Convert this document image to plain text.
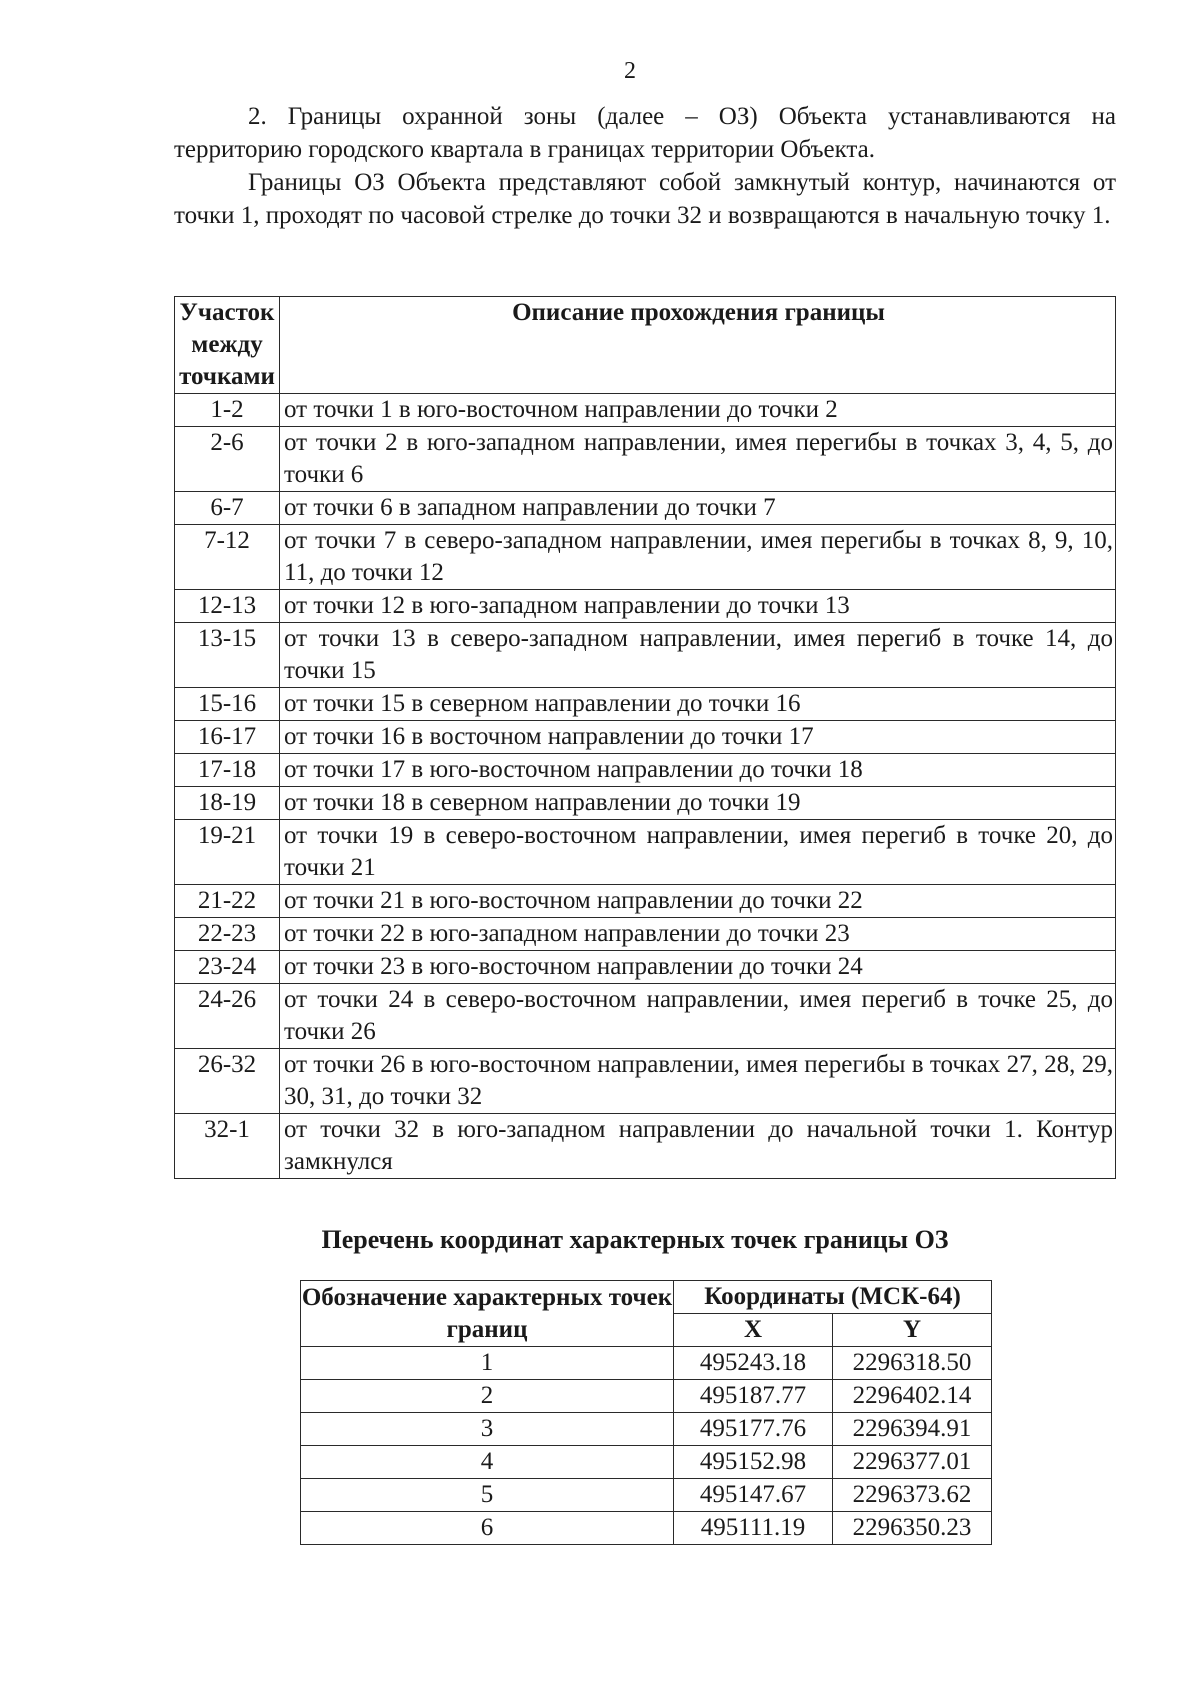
2

2. Границы охранной зоны (далее – ОЗ) Объекта устанавливаются на территорию городского квартала в границах территории Объекта.

Границы ОЗ Объекта представляют собой замкнутый контур, начинаются от точки 1, проходят по часовой стрелке до точки 32 и возвращаются в начальную точку 1.

Участок между точками	Описание прохождения границы
1-2	от точки 1 в юго-восточном направлении до точки 2
2-6	от точки 2 в юго-западном направлении, имея перегибы в точках 3, 4, 5, до точки 6
6-7	от точки 6 в западном направлении до точки 7
7-12	от точки 7 в северо-западном направлении, имея перегибы в точках 8, 9, 10, 11, до точки 12
12-13	от точки 12 в юго-западном направлении до точки 13
13-15	от точки 13 в северо-западном направлении, имея перегиб в точке 14, до точки 15
15-16	от точки 15 в северном направлении до точки 16
16-17	от точки 16 в восточном направлении до точки 17
17-18	от точки 17 в юго-восточном направлении до точки 18
18-19	от точки 18 в северном направлении до точки 19
19-21	от точки 19 в северо-восточном направлении, имея перегиб в точке 20, до точки 21
21-22	от точки 21 в юго-восточном направлении до точки 22
22-23	от точки 22 в юго-западном направлении до точки 23
23-24	от точки 23 в юго-восточном направлении до точки 24
24-26	от точки 24 в северо-восточном направлении, имея перегиб в точке 25, до точки 26
26-32	от точки 26 в юго-восточном направлении, имея перегибы в точках 27, 28, 29, 30, 31, до точки 32
32-1	от точки 32 в юго-западном направлении до начальной точки 1. Контур замкнулся
Перечень координат характерных точек границы ОЗ
Обозначение характерных точек границ	Координаты (МСК-64)	
	X	Y
1	495243.18	2296318.50
2	495187.77	2296402.14
3	495177.76	2296394.91
4	495152.98	2296377.01
5	495147.67	2296373.62
6	495111.19	2296350.23
